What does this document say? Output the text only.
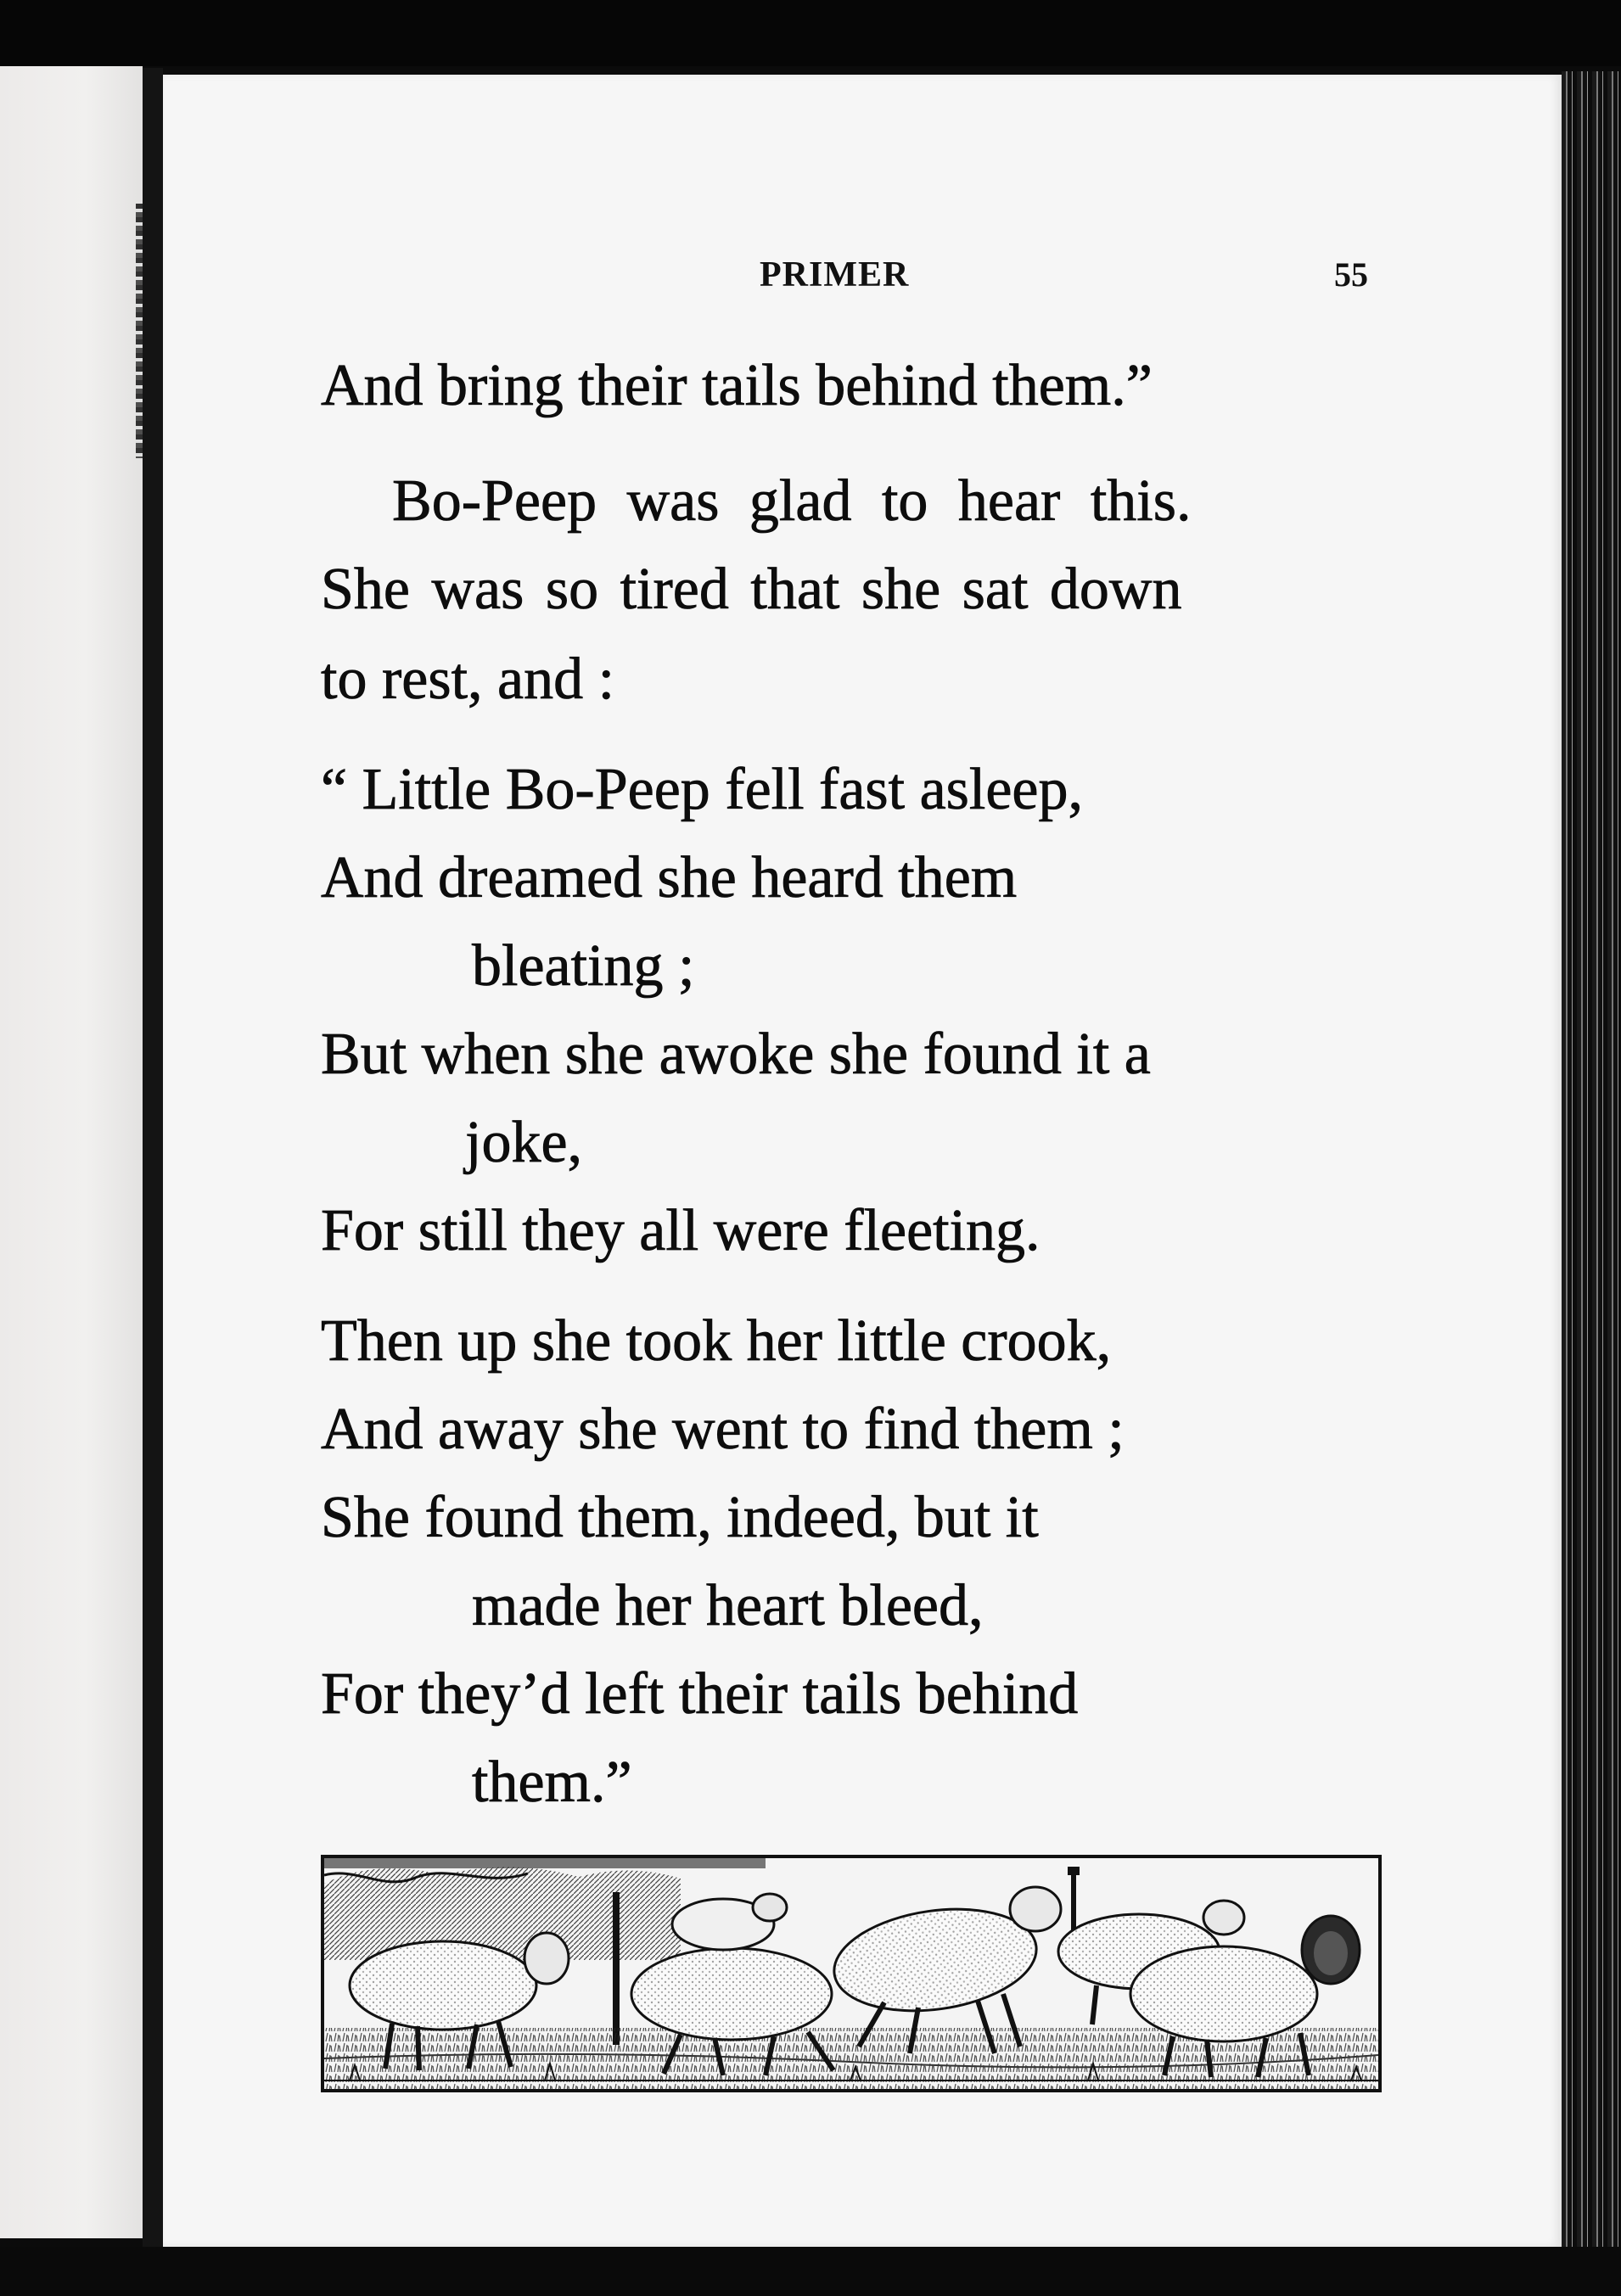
PRIMER	55
And bring their tails behind them.”
Bo-Peep was glad to hear this.
She was so tired that she sat down
to rest, and :
“ Little Bo-Peep fell fast asleep,
And dreamed she heard them
bleating ;
But when she awoke she found it a
joke,
For still they all were fleeting.
Then up she took her little crook,
And away she went to find them ;
She found them, indeed, but it
made her heart bleed,
For they’d left their tails behind
them.”
